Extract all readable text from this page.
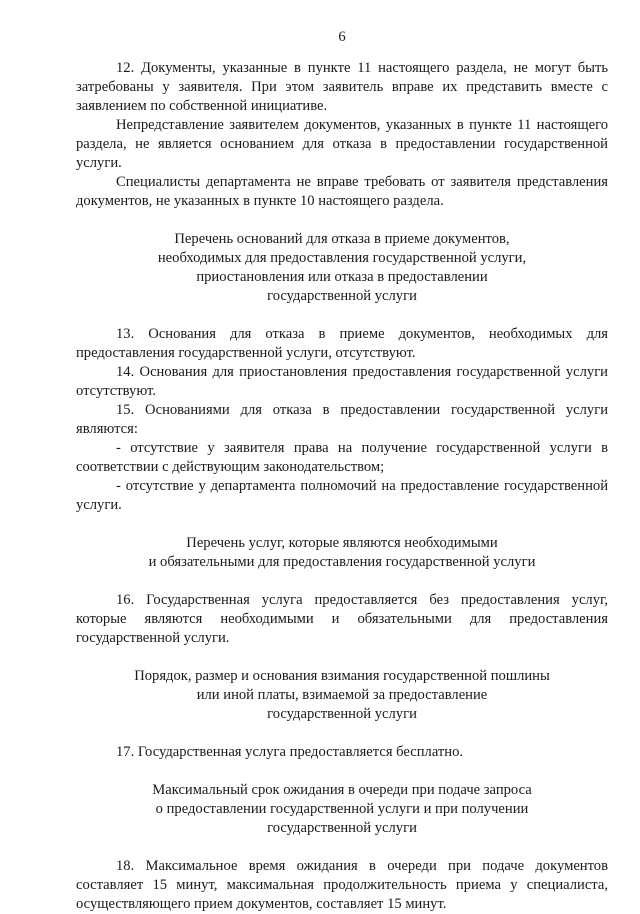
6

12. Документы, указанные в пункте 11 настоящего раздела, не могут быть затребованы у заявителя. При этом заявитель вправе их представить вместе с заявлением по собственной инициативе.

Непредставление заявителем документов, указанных в пункте 11 настоящего раздела, не является основанием для отказа в предоставлении государственной услуги.

Специалисты департамента не вправе требовать от заявителя представления документов, не указанных в пункте 10 настоящего раздела.

Перечень оснований для отказа в приеме документов,
необходимых для предоставления государственной услуги,
приостановления или отказа в предоставлении
государственной услуги

13. Основания для отказа в приеме документов, необходимых для предоставления государственной услуги, отсутствуют.

14. Основания для приостановления предоставления государственной услуги отсутствуют.

15. Основаниями для отказа в предоставлении государственной услуги являются:

- отсутствие у заявителя права на получение государственной услуги в соответствии с действующим законодательством;

- отсутствие у департамента полномочий на предоставление государственной услуги.

Перечень услуг, которые являются необходимыми
и обязательными для предоставления государственной услуги

16. Государственная услуга предоставляется без предоставления услуг, которые являются необходимыми и обязательными для предоставления государственной услуги.

Порядок, размер и основания взимания государственной пошлины
или иной платы, взимаемой за предоставление
государственной услуги

17. Государственная услуга предоставляется бесплатно.

Максимальный срок ожидания в очереди при подаче запроса
о предоставлении государственной услуги и при получении
государственной услуги

18. Максимальное время ожидания в очереди при подаче документов составляет 15 минут, максимальная продолжительность приема у специалиста, осуществляющего прием документов, составляет 15 минут.
